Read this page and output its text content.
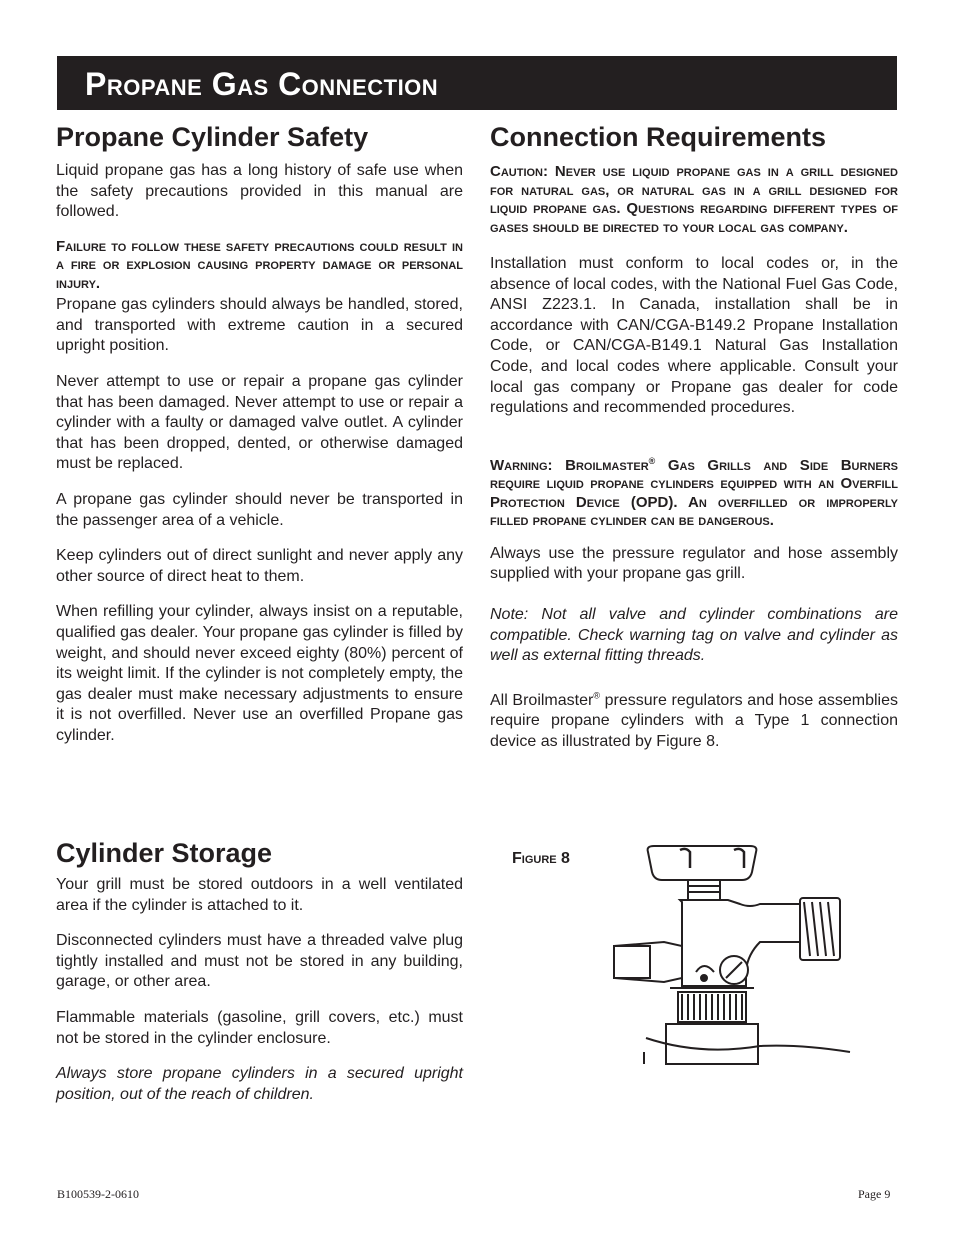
Propane Gas Connection
Propane Cylinder Safety

Liquid propane gas has a long history of safe use when the safety precautions provided in this manual are followed.

Failure to follow these safety precautions could result in a fire or explosion causing property damage or personal injury.

Propane gas cylinders should always be handled, stored, and transported with extreme caution in a secured upright position.

Never attempt to use or repair a propane gas cylinder that has been damaged. Never attempt to use or repair a cylinder with a faulty or damaged valve outlet. A cylinder that has been dropped, dented, or otherwise damaged must be replaced.

A propane gas cylinder should never be transported in the passenger area of a vehicle.

Keep cylinders out of direct sunlight and never apply any other source of direct heat to them.

When refilling your cylinder, always insist on a reputable, qualified gas dealer. Your propane gas cylinder is filled by weight, and should never exceed eighty (80%) percent of its weight limit. If the cylinder is not completely empty, the gas dealer must make necessary adjustments to ensure it is not overfilled. Never use an overfilled Propane gas cylinder.

Cylinder Storage

Your grill must be stored outdoors in a well ventilated area if the cylinder is attached to it.

Disconnected cylinders must have a threaded valve plug tightly installed and must not be stored in any building, garage, or other area.

Flammable materials (gasoline, grill covers, etc.) must not be stored in the cylinder enclosure.

Always store propane cylinders in a secured upright position, out of the reach of children.

Connection Requirements

Caution: Never use liquid propane gas in a grill designed for natural gas, or natural gas in a grill designed for liquid propane gas. Questions regarding different types of gases should be directed to your local gas company.

Installation must conform to local codes or, in the absence of local codes, with the National Fuel Gas Code, ANSI Z223.1. In Canada, installation shall be in accordance with CAN/CGA-B149.2 Propane Installation Code, or CAN/CGA-B149.1 Natural Gas Installation Code, and local codes where applicable. Consult your local gas company or Propane gas dealer for code regulations and recommended procedures.

Warning: Broilmaster® Gas Grills and Side Burners require liquid propane cylinders equipped with an Overfill Protection Device (OPD). An overfilled or improperly filled propane cylinder can be dangerous.

Always use the pressure regulator and hose assembly supplied with your propane gas grill.

Note: Not all valve and cylinder combinations are compatible. Check warning tag on valve and cylinder as well as external fitting threads.

All Broilmaster® pressure regulators and hose assemblies require propane cylinders with a Type 1 connection device as illustrated by Figure 8.

Figure 8
B100539-2-0610	Page 9
